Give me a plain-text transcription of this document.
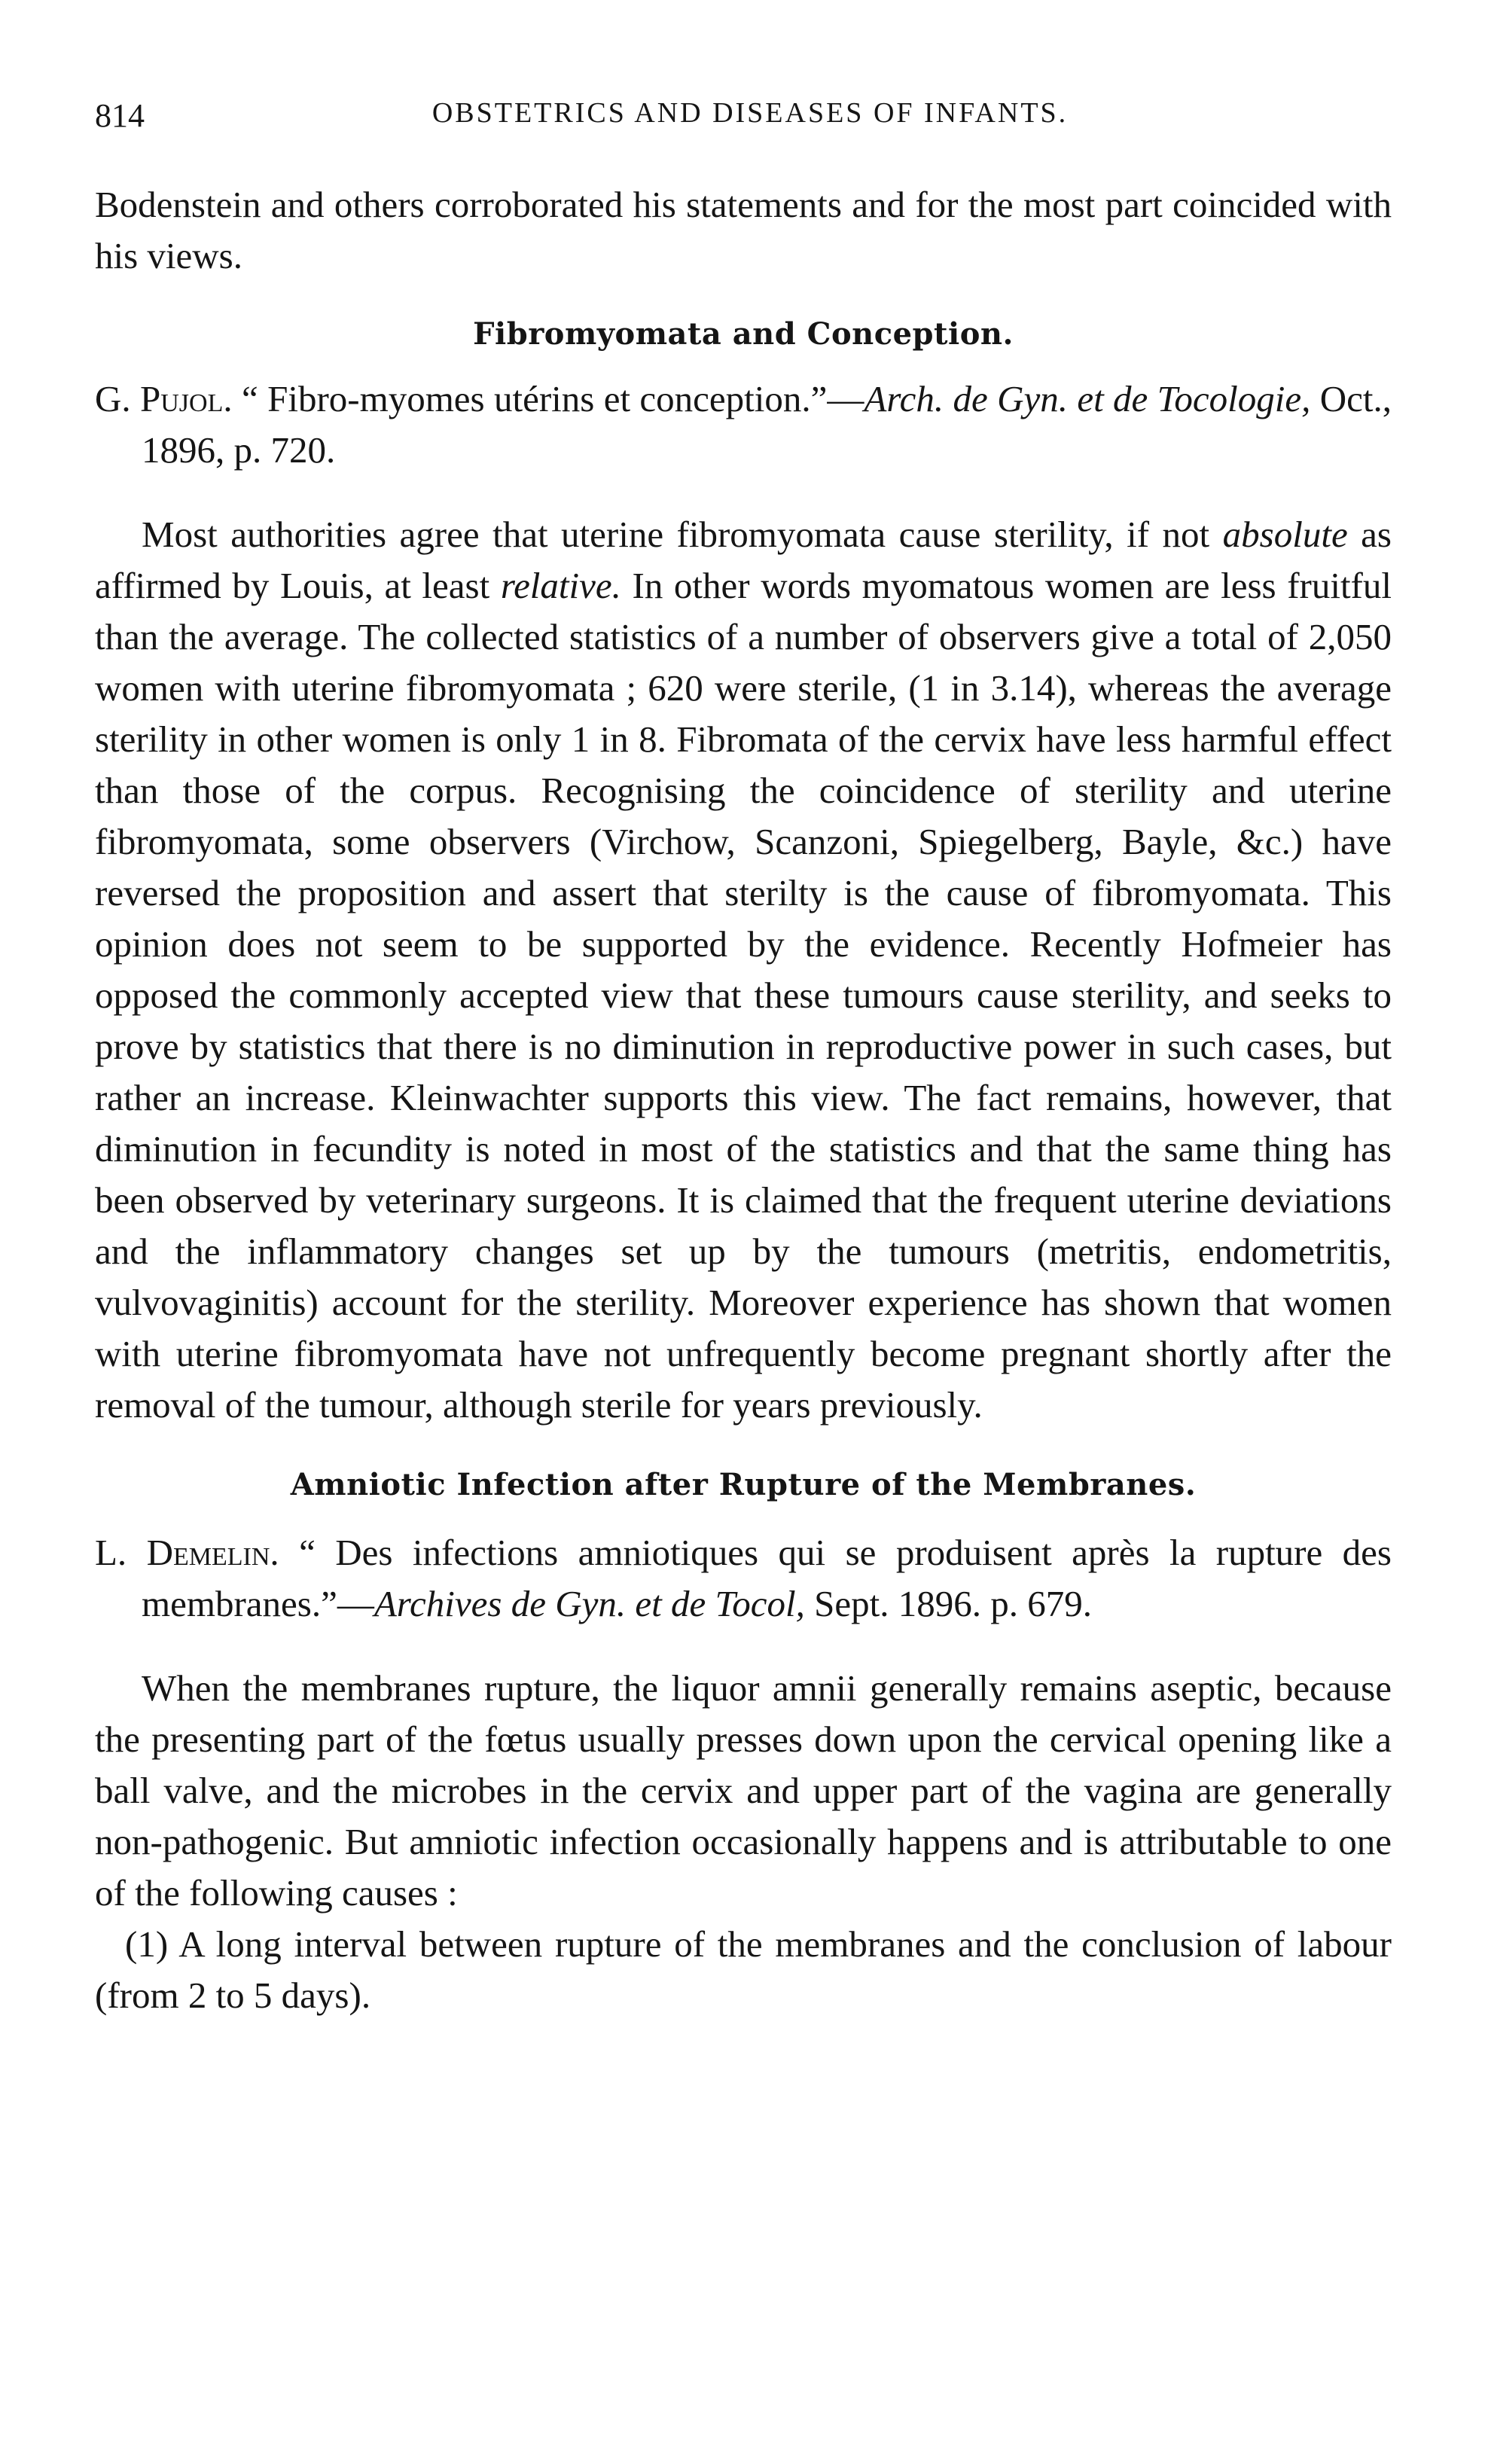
814	OBSTETRICS AND DISEASES OF INFANTS.

Bodenstein and others corroborated his statements and for the most part coincided with his views.

Fibromyomata and Conception.
G. Pujol. “ Fibro-myomes utérins et conception.”—Arch. de Gyn. et de Tocologie, Oct., 1896, p. 720.

Most authorities agree that uterine fibromyomata cause sterility, if not absolute as affirmed by Louis, at least relative. In other words myomatous women are less fruitful than the average. The collected statistics of a number of observers give a total of 2,050 women with uterine fibromyomata ; 620 were sterile, (1 in 3.14), whereas the average sterility in other women is only 1 in 8. Fibromata of the cervix have less harmful effect than those of the corpus. Recognising the coincidence of sterility and uterine fibromyomata, some observers (Virchow, Scanzoni, Spiegelberg, Bayle, &c.) have reversed the proposition and assert that sterilty is the cause of fibromyomata. This opinion does not seem to be supported by the evidence. Recently Hofmeier has opposed the commonly accepted view that these tumours cause sterility, and seeks to prove by statistics that there is no diminution in reproductive power in such cases, but rather an increase. Kleinwachter supports this view. The fact remains, however, that diminution in fecundity is noted in most of the statistics and that the same thing has been observed by veterinary surgeons. It is claimed that the frequent uterine deviations and the inflammatory changes set up by the tumours (metritis, endometritis, vulvovaginitis) account for the sterility. Moreover experience has shown that women with uterine fibromyomata have not unfrequently become pregnant shortly after the removal of the tumour, although sterile for years previously.

Amniotic Infection after Rupture of the Membranes.
L. Demelin. “ Des infections amniotiques qui se produisent après la rupture des membranes.”—Archives de Gyn. et de Tocol, Sept. 1896. p. 679.

When the membranes rupture, the liquor amnii generally remains aseptic, because the presenting part of the fœtus usually presses down upon the cervical opening like a ball valve, and the microbes in the cervix and upper part of the vagina are generally non-pathogenic. But amniotic infection occasionally happens and is attributable to one of the following causes :

(1) A long interval between rupture of the membranes and the conclusion of labour (from 2 to 5 days).
